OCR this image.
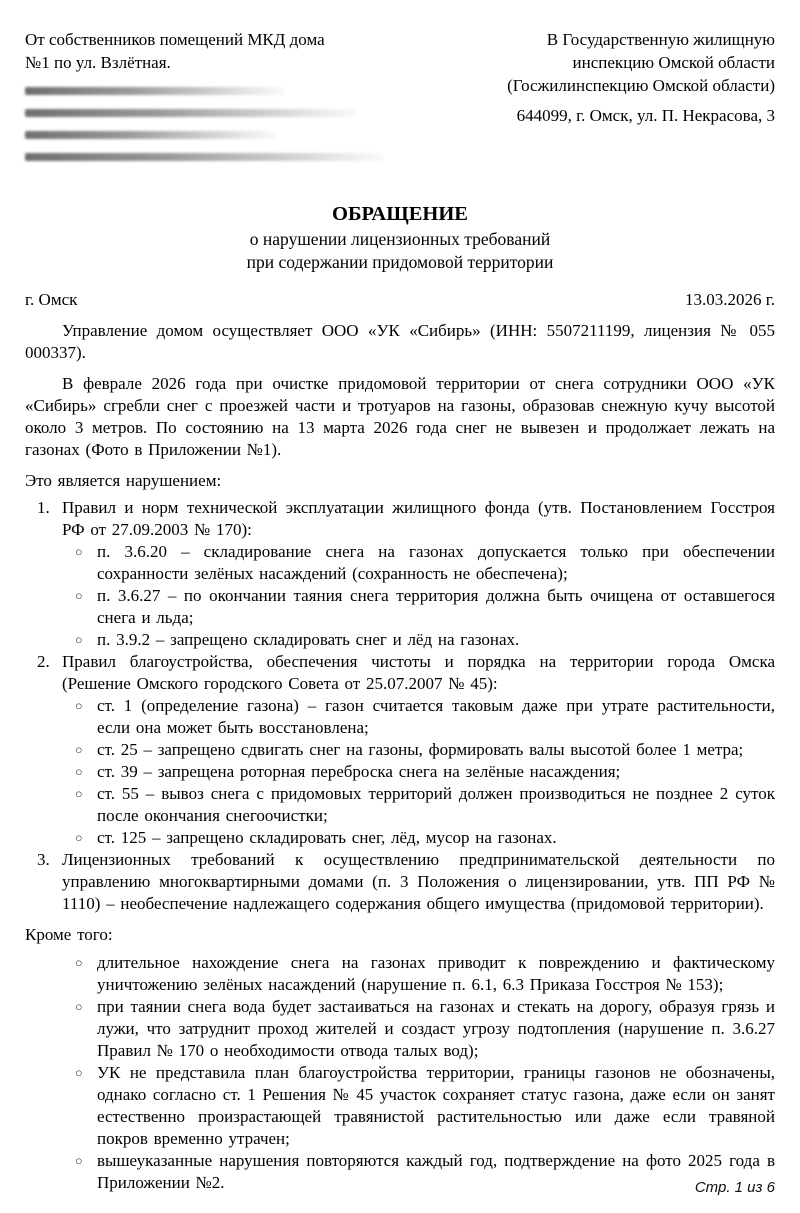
От собственников помещений МКД дома
№1 по ул. Взлётная.
В Государственную жилищную
инспекцию Омской области
(Госжилинспекцию Омской области)
644099, г. Омск, ул. П. Некрасова, 3
ОБРАЩЕНИЕ
о нарушении лицензионных требований
при содержании придомовой территории
г. Омск	13.03.2026 г.

Управление домом осуществляет ООО «УК «Сибирь» (ИНН: 5507211199, лицензия № 055 000337).

В феврале 2026 года при очистке придомовой территории от снега сотрудники ООО «УК «Сибирь» сгребли снег с проезжей части и тротуаров на газоны, образовав снежную кучу высотой около 3 метров. По состоянию на 13 марта 2026 года снег не вывезен и продолжает лежать на газонах (Фото в Приложении №1).

Это является нарушением:

1. Правил и норм технической эксплуатации жилищного фонда (утв. Постановлением Госстроя РФ от 27.09.2003 № 170):
○ п. 3.6.20 – складирование снега на газонах допускается только при обеспечении сохранности зелёных насаждений (сохранность не обеспечена);
○ п. 3.6.27 – по окончании таяния снега территория должна быть очищена от оставшегося снега и льда;
○ п. 3.9.2 – запрещено складировать снег и лёд на газонах.
2. Правил благоустройства, обеспечения чистоты и порядка на территории города Омска (Решение Омского городского Совета от 25.07.2007 № 45):
○ ст. 1 (определение газона) – газон считается таковым даже при утрате растительности, если она может быть восстановлена;
○ ст. 25 – запрещено сдвигать снег на газоны, формировать валы высотой более 1 метра;
○ ст. 39 – запрещена роторная переброска снега на зелёные насаждения;
○ ст. 55 – вывоз снега с придомовых территорий должен производиться не позднее 2 суток после окончания снегоочистки;
○ ст. 125 – запрещено складировать снег, лёд, мусор на газонах.
3. Лицензионных требований к осуществлению предпринимательской деятельности по управлению многоквартирными домами (п. 3 Положения о лицензировании, утв. ПП РФ № 1110) – необеспечение надлежащего содержания общего имущества (придомовой территории).

Кроме того:

○ длительное нахождение снега на газонах приводит к повреждению и фактическому уничтожению зелёных насаждений (нарушение п. 6.1, 6.3 Приказа Госстроя № 153);
○ при таянии снега вода будет застаиваться на газонах и стекать на дорогу, образуя грязь и лужи, что затруднит проход жителей и создаст угрозу подтопления (нарушение п. 3.6.27 Правил № 170 о необходимости отвода талых вод);
○ УК не представила план благоустройства территории, границы газонов не обозначены, однако согласно ст. 1 Решения № 45 участок сохраняет статус газона, даже если он занят естественно произрастающей травянистой растительностью или даже если травяной покров временно утрачен;
○ вышеуказанные нарушения повторяются каждый год, подтверждение на фото 2025 года в Приложении №2.	Стр. 1 из 6
